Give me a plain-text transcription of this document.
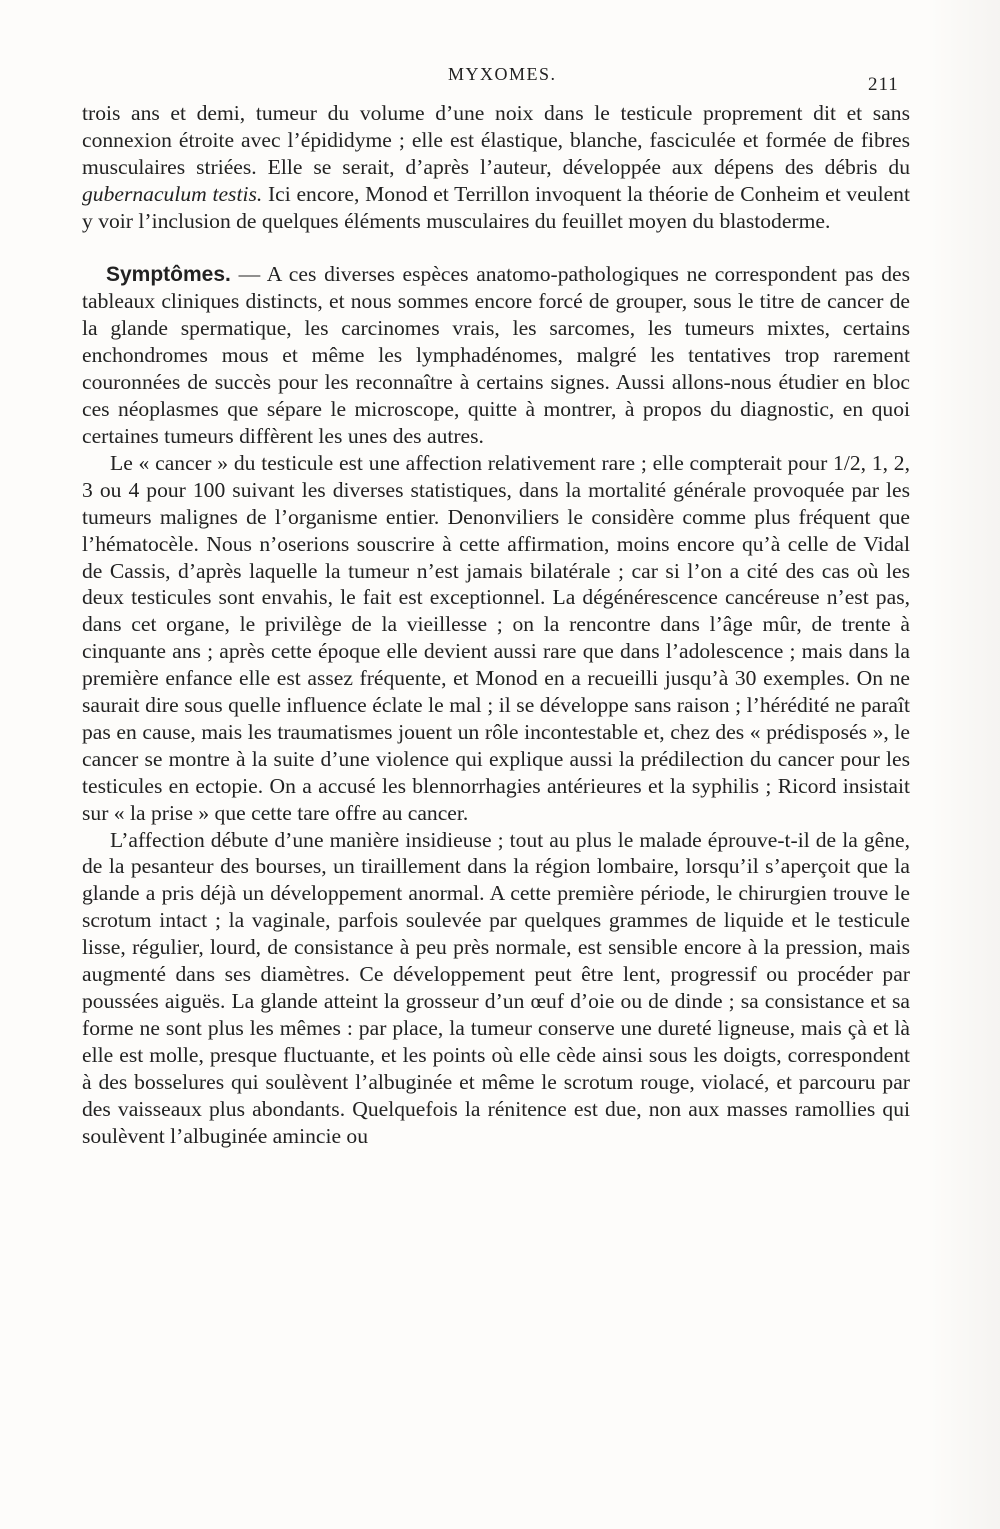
MYXOMES.	211

trois ans et demi, tumeur du volume d’une noix dans le testicule proprement dit et sans connexion étroite avec l’épididyme ; elle est élastique, blanche, fasciculée et formée de fibres musculaires striées. Elle se serait, d’après l’auteur, développée aux dépens des débris du gubernaculum testis. Ici encore, Monod et Terrillon invoquent la théorie de Conheim et veulent y voir l’inclusion de quelques éléments musculaires du feuillet moyen du blastoderme.

Symptômes. — A ces diverses espèces anatomo-pathologiques ne correspondent pas des tableaux cliniques distincts, et nous sommes encore forcé de grouper, sous le titre de cancer de la glande spermatique, les carcinomes vrais, les sarcomes, les tumeurs mixtes, certains enchondromes mous et même les lymphadénomes, malgré les tentatives trop rarement couronnées de succès pour les reconnaître à certains signes. Aussi allons-nous étudier en bloc ces néoplasmes que sépare le microscope, quitte à montrer, à propos du diagnostic, en quoi certaines tumeurs diffèrent les unes des autres.

Le « cancer » du testicule est une affection relativement rare ; elle compterait pour 1/2, 1, 2, 3 ou 4 pour 100 suivant les diverses statistiques, dans la mortalité générale provoquée par les tumeurs malignes de l’organisme entier. Denonviliers le considère comme plus fréquent que l’hématocèle. Nous n’oserions souscrire à cette affirmation, moins encore qu’à celle de Vidal de Cassis, d’après laquelle la tumeur n’est jamais bilatérale ; car si l’on a cité des cas où les deux testicules sont envahis, le fait est exceptionnel. La dégénérescence cancéreuse n’est pas, dans cet organe, le privilège de la vieillesse ; on la rencontre dans l’âge mûr, de trente à cinquante ans ; après cette époque elle devient aussi rare que dans l’adolescence ; mais dans la première enfance elle est assez fréquente, et Monod en a recueilli jusqu’à 30 exemples. On ne saurait dire sous quelle influence éclate le mal ; il se développe sans raison ; l’hérédité ne paraît pas en cause, mais les traumatismes jouent un rôle incontestable et, chez des « prédisposés », le cancer se montre à la suite d’une violence qui explique aussi la prédilection du cancer pour les testicules en ectopie. On a accusé les blennorrhagies antérieures et la syphilis ; Ricord insistait sur « la prise » que cette tare offre au cancer.

L’affection débute d’une manière insidieuse ; tout au plus le malade éprouve-t-il de la gêne, de la pesanteur des bourses, un tiraillement dans la région lombaire, lorsqu’il s’aperçoit que la glande a pris déjà un développement anormal. A cette première période, le chirurgien trouve le scrotum intact ; la vaginale, parfois soulevée par quelques grammes de liquide et le testicule lisse, régulier, lourd, de consistance à peu près normale, est sensible encore à la pression, mais augmenté dans ses diamètres. Ce développement peut être lent, progressif ou procéder par poussées aiguës. La glande atteint la grosseur d’un œuf d’oie ou de dinde ; sa consistance et sa forme ne sont plus les mêmes : par place, la tumeur conserve une dureté ligneuse, mais çà et là elle est molle, presque fluctuante, et les points où elle cède ainsi sous les doigts, correspondent à des bosselures qui soulèvent l’albuginée et même le scrotum rouge, violacé, et parcouru par des vaisseaux plus abondants. Quelquefois la rénitence est due, non aux masses ramollies qui soulèvent l’albuginée amincie ou
